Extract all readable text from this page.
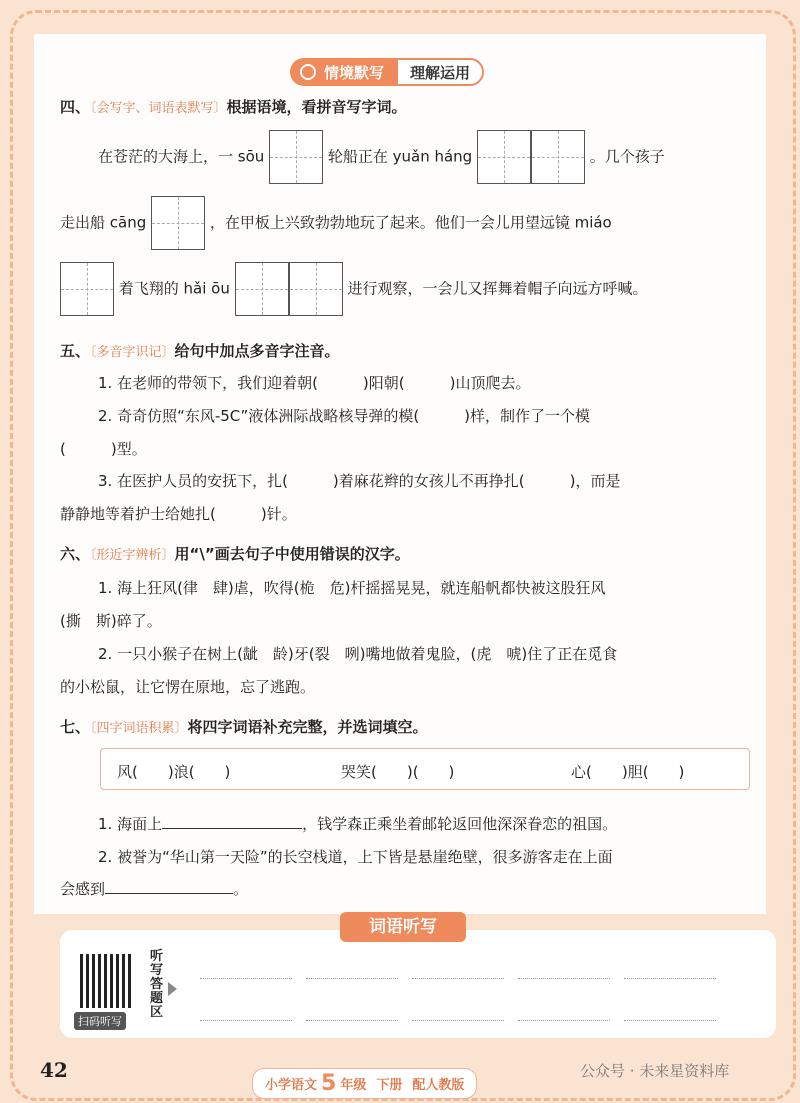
情境默写	理解运用
四、〔会写字、词语表默写〕根据语境，看拼音写字词。
在苍茫的大海上，一 sōu	轮船正在 yuǎn háng	。几个孩子
走出船 cāng	，在甲板上兴致勃勃地玩了起来。他们一会儿用望远镜 miáo
着飞翔的 hǎi ōu	进行观察，一会儿又挥舞着帽子向远方呼喊。
五、〔多音字识记〕给句中加点多音字注音。
1. 在老师的带领下，我们迎着朝(　　　)阳朝(　　　)山顶爬去。
2. 奇奇仿照“东风-5C”液体洲际战略核导弹的模(　　　)样，制作了一个模
(　　　)型。
3. 在医护人员的安抚下，扎(　　　)着麻花辫的女孩儿不再挣扎(　　　)，而是
静静地等着护士给她扎(　　　)针。
六、〔形近字辨析〕用“\”画去句子中使用错误的汉字。
1. 海上狂风(律　肆)虐，吹得(桅　危)杆摇摇晃晃，就连船帆都快被这股狂风
(撕　斯)碎了。
2. 一只小猴子在树上(龇　龄)牙(裂　咧)嘴地做着鬼脸，(虎　唬)住了正在觅食
的小松鼠，让它愣在原地，忘了逃跑。
七、〔四字词语积累〕将四字词语补充完整，并选词填空。
风(　　)浪(　　)	哭笑(　　)(　　)	心(　　)胆(　　)
1. 海面上	，钱学森正乘坐着邮轮返回他深深眷恋的祖国。
2. 被誉为“华山第一天险”的长空栈道，上下皆是悬崖绝壁，很多游客走在上面
会感到	。
扫码听写
听写答题区
词语听写
42
小学语文 5 年级 下册 配人教版
公众号 · 未来星资料库
